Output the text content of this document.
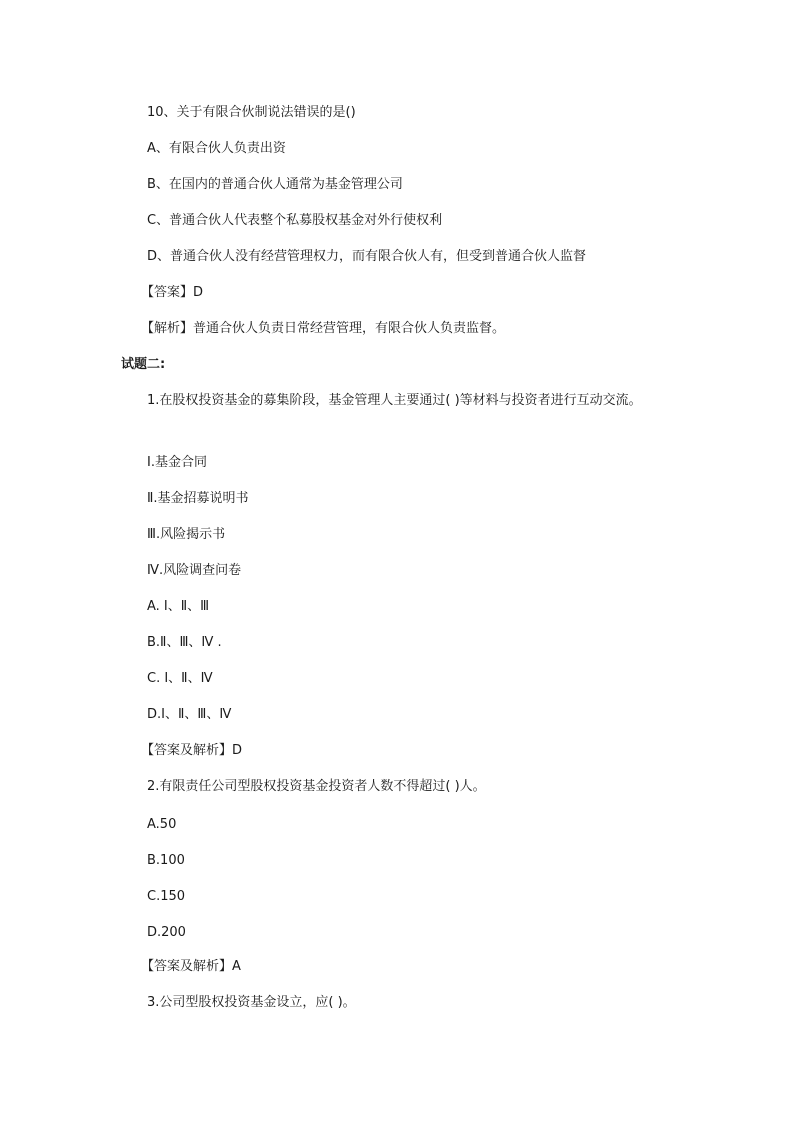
10、关于有限合伙制说法错误的是()
A、有限合伙人负责出资
B、在国内的普通合伙人通常为基金管理公司
C、普通合伙人代表整个私募股权基金对外行使权利
D、普通合伙人没有经营管理权力，而有限合伙人有，但受到普通合伙人监督
【答案】D
【解析】普通合伙人负责日常经营管理，有限合伙人负责监督。
试题二:
1.在股权投资基金的募集阶段，基金管理人主要通过( )等材料与投资者进行互动交流。
Ⅰ.基金合同
Ⅱ.基金招募说明书
Ⅲ.风险揭示书
Ⅳ.风险调查问卷
A. Ⅰ、Ⅱ、Ⅲ
B.Ⅱ、Ⅲ、Ⅳ .
C. Ⅰ、Ⅱ、Ⅳ
D.Ⅰ、Ⅱ、Ⅲ、Ⅳ
【答案及解析】D
2.有限责任公司型股权投资基金投资者人数不得超过( )人。
A.50
B.100
C.150
D.200
【答案及解析】A
3.公司型股权投资基金设立，应( )。
